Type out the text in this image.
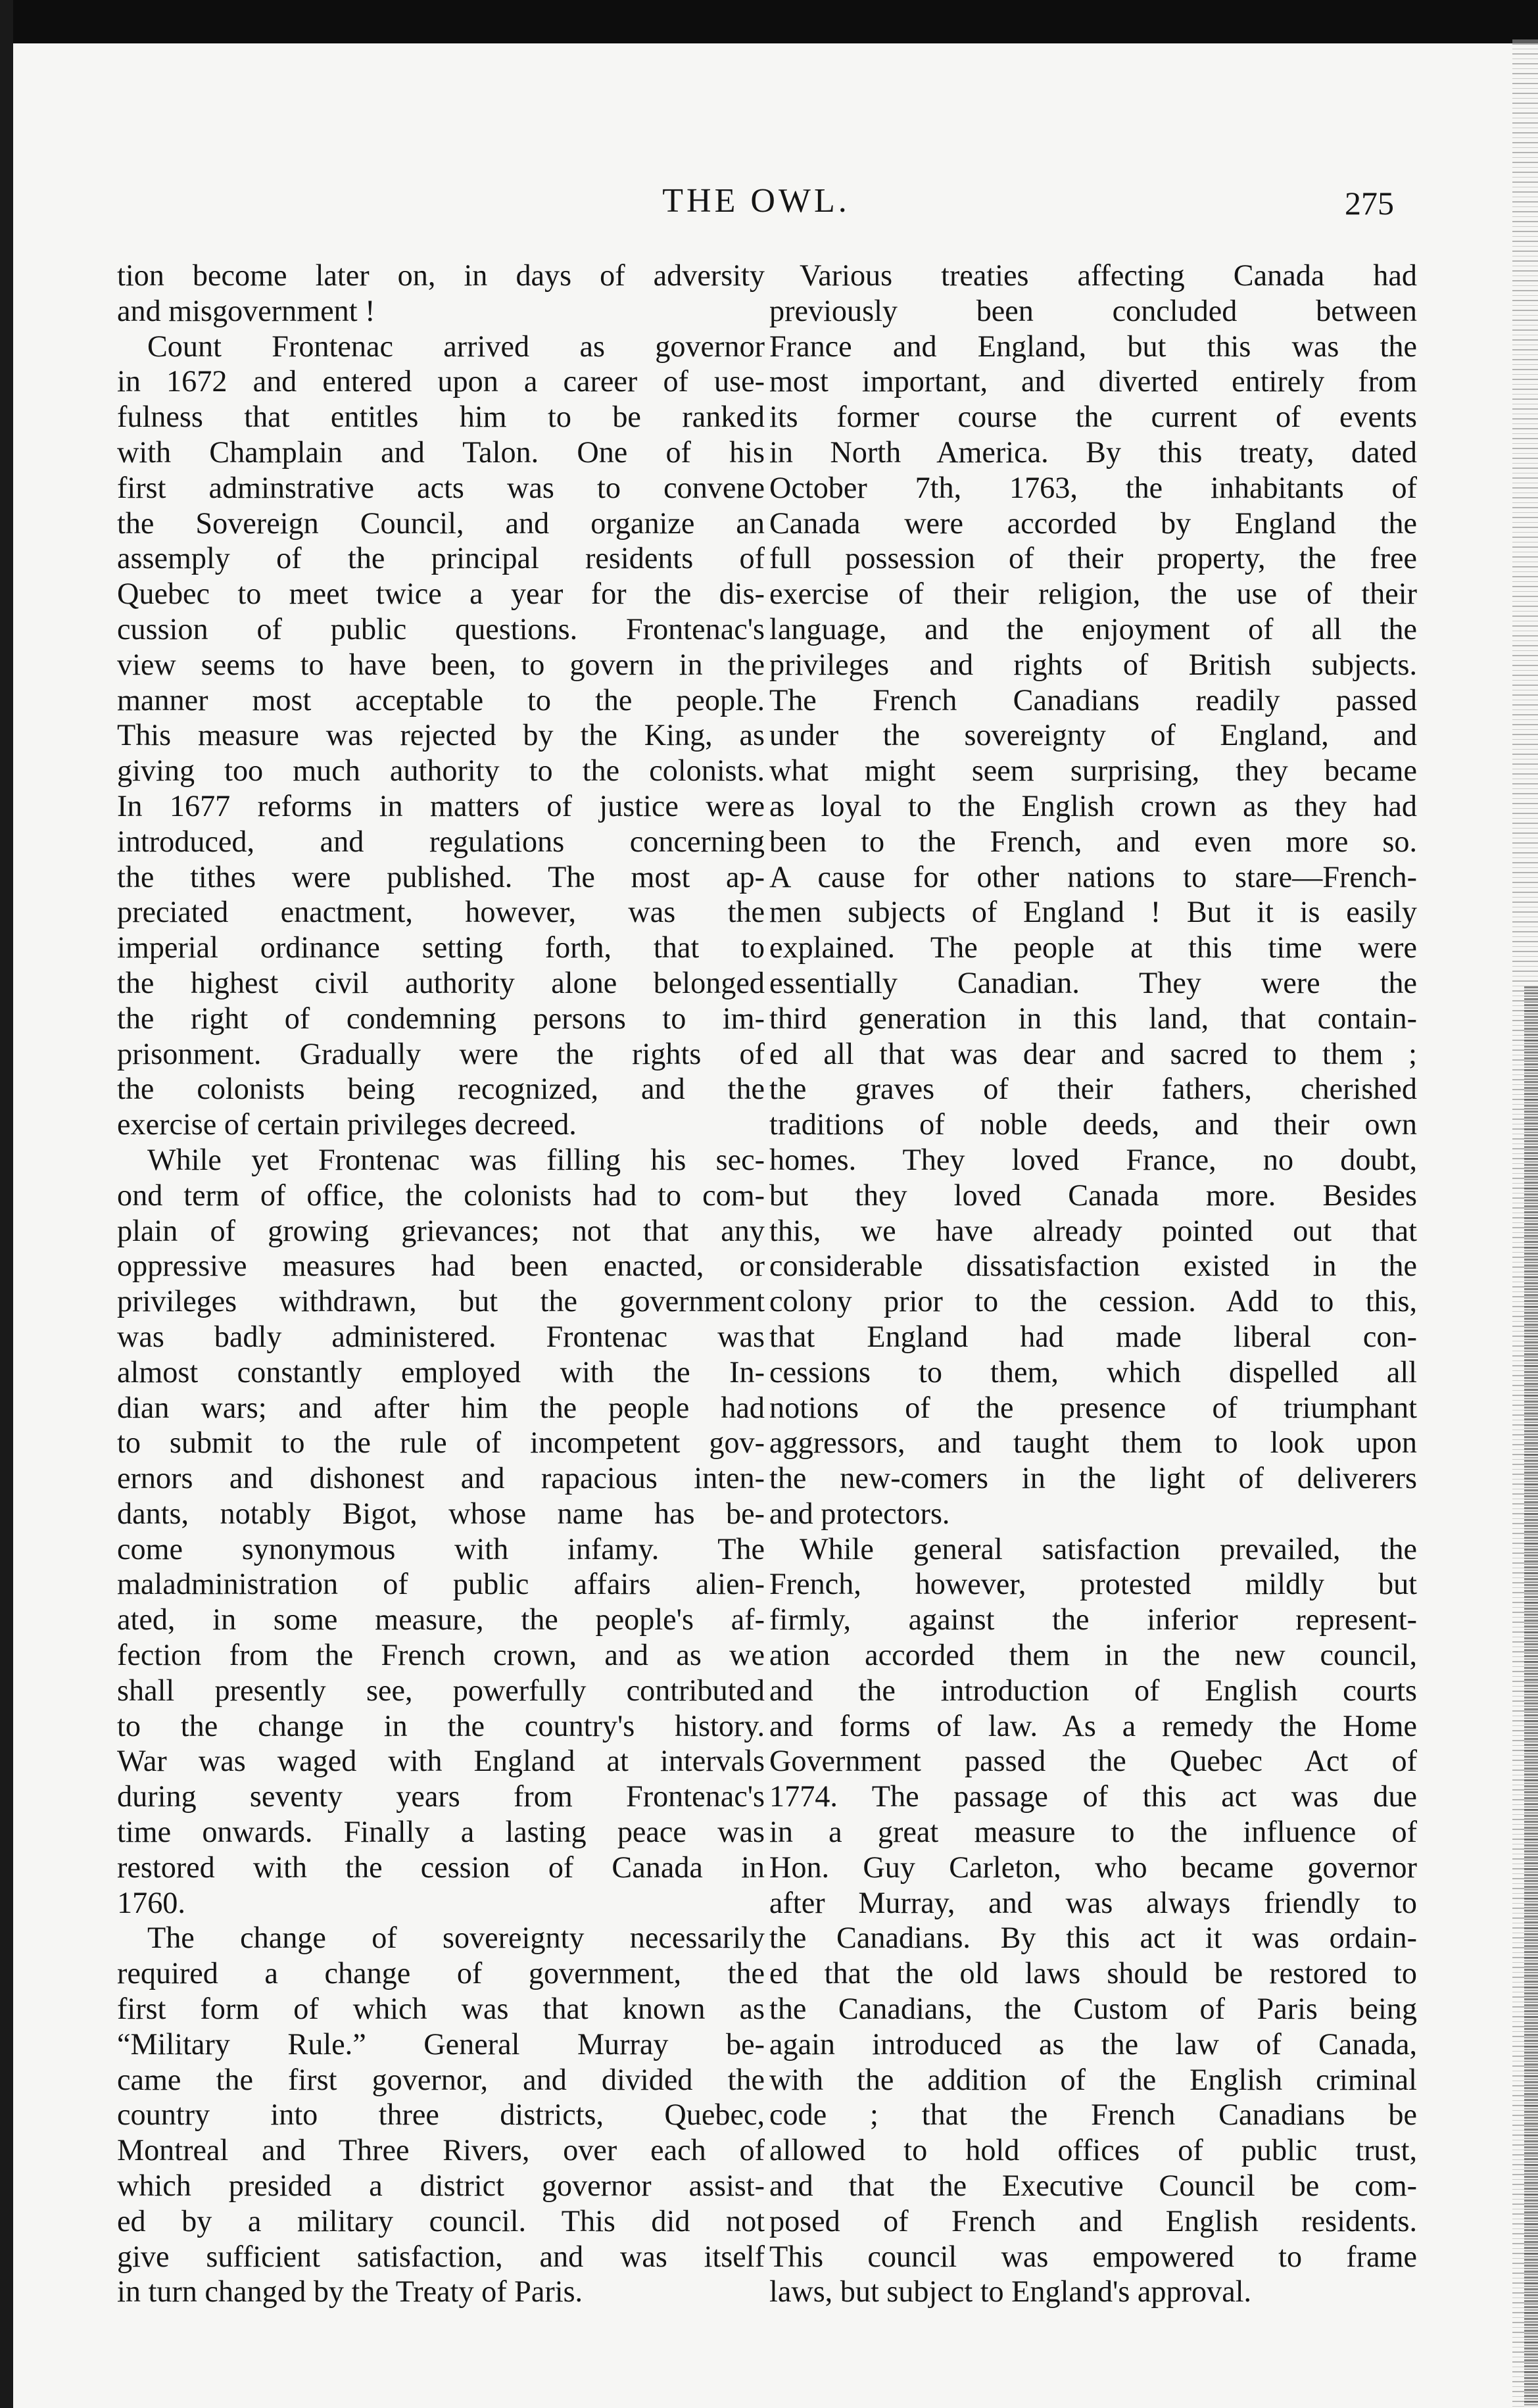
THE OWL.	275
tion become later on, in days of adversity
and misgovernment !
Count Frontenac arrived as governor
in 1672 and entered upon a career of use-
fulness that entitles him to be ranked
with Champlain and Talon. One of his
first adminstrative acts was to convene
the Sovereign Council, and organize an
assemply of the principal residents of
Quebec to meet twice a year for the dis-
cussion of public questions. Frontenac's
view seems to have been, to govern in the
manner most acceptable to the people.
This measure was rejected by the King, as
giving too much authority to the colonists.
In 1677 reforms in matters of justice were
introduced, and regulations concerning
the tithes were published. The most ap-
preciated enactment, however, was the
imperial ordinance setting forth, that to
the highest civil authority alone belonged
the right of condemning persons to im-
prisonment. Gradually were the rights of
the colonists being recognized, and the
exercise of certain privileges decreed.
While yet Frontenac was filling his sec-
ond term of office, the colonists had to com-
plain of growing grievances; not that any
oppressive measures had been enacted, or
privileges withdrawn, but the government
was badly administered. Frontenac was
almost constantly employed with the In-
dian wars; and after him the people had
to submit to the rule of incompetent gov-
ernors and dishonest and rapacious inten-
dants, notably Bigot, whose name has be-
come synonymous with infamy. The
maladministration of public affairs alien-
ated, in some measure, the people's af-
fection from the French crown, and as we
shall presently see, powerfully contributed
to the change in the country's history.
War was waged with England at intervals
during seventy years from Frontenac's
time onwards. Finally a lasting peace was
restored with the cession of Canada in
1760.
The change of sovereignty necessarily
required a change of government, the
first form of which was that known as
“Military Rule.” General Murray be-
came the first governor, and divided the
country into three districts, Quebec,
Montreal and Three Rivers, over each of
which presided a district governor assist-
ed by a military council. This did not
give sufficient satisfaction, and was itself
in turn changed by the Treaty of Paris.
Various treaties affecting Canada had
previously been concluded between
France and England, but this was the
most important, and diverted entirely from
its former course the current of events
in North America. By this treaty, dated
October 7th, 1763, the inhabitants of
Canada were accorded by England the
full possession of their property, the free
exercise of their religion, the use of their
language, and the enjoyment of all the
privileges and rights of British subjects.
The French Canadians readily passed
under the sovereignty of England, and
what might seem surprising, they became
as loyal to the English crown as they had
been to the French, and even more so.
A cause for other nations to stare—French-
men subjects of England ! But it is easily
explained. The people at this time were
essentially Canadian. They were the
third generation in this land, that contain-
ed all that was dear and sacred to them ;
the graves of their fathers, cherished
traditions of noble deeds, and their own
homes. They loved France, no doubt,
but they loved Canada more. Besides
this, we have already pointed out that
considerable dissatisfaction existed in the
colony prior to the cession. Add to this,
that England had made liberal con-
cessions to them, which dispelled all
notions of the presence of triumphant
aggressors, and taught them to look upon
the new-comers in the light of deliverers
and protectors.
While general satisfaction prevailed, the
French, however, protested mildly but
firmly, against the inferior represent-
ation accorded them in the new council,
and the introduction of English courts
and forms of law. As a remedy the Home
Government passed the Quebec Act of
1774. The passage of this act was due
in a great measure to the influence of
Hon. Guy Carleton, who became governor
after Murray, and was always friendly to
the Canadians. By this act it was ordain-
ed that the old laws should be restored to
the Canadians, the Custom of Paris being
again introduced as the law of Canada,
with the addition of the English criminal
code ; that the French Canadians be
allowed to hold offices of public trust,
and that the Executive Council be com-
posed of French and English residents.
This council was empowered to frame
laws, but subject to England's approval.
